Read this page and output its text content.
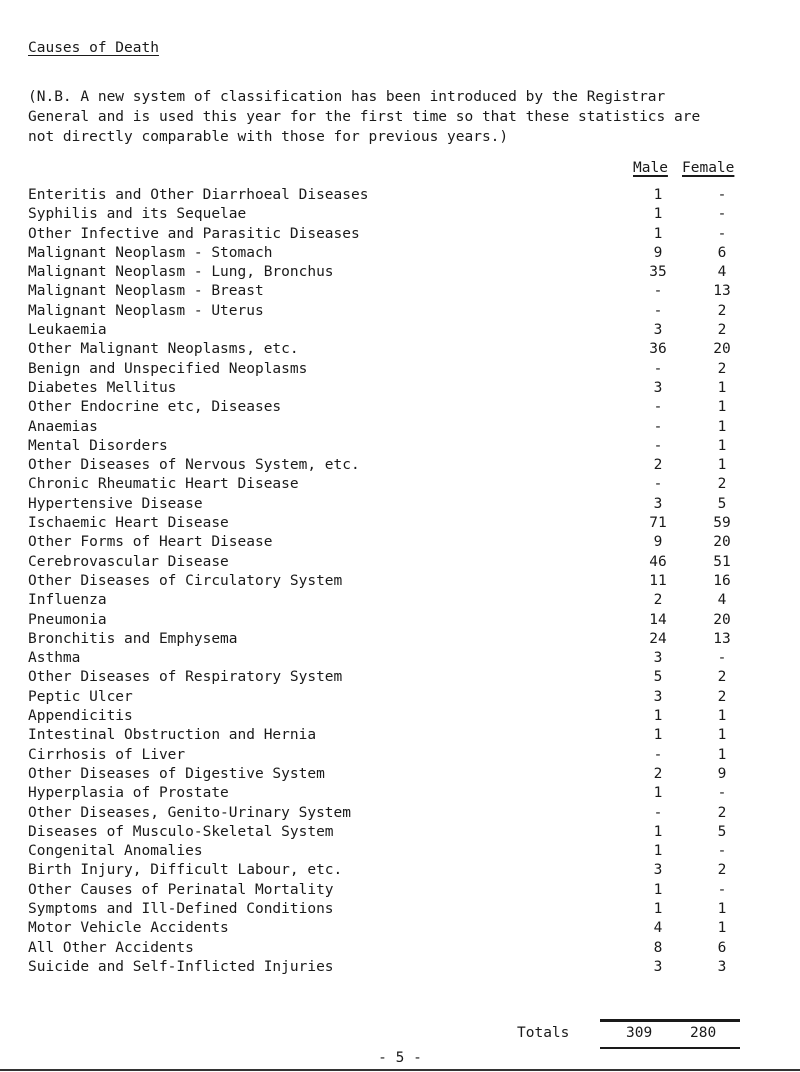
Causes of Death
(N.B. A new system of classification has been introduced by the Registrar
General and is used this year for the first time so that these statistics are
not directly comparable with those for previous years.)
Male Female
Enteritis and Other Diarrhoeal Diseases	1	-
Syphilis and its Sequelae	1	-
Other Infective and Parasitic Diseases	1	-
Malignant Neoplasm - Stomach	9	6
Malignant Neoplasm - Lung, Bronchus	35	4
Malignant Neoplasm - Breast	-	13
Malignant Neoplasm - Uterus	-	2
Leukaemia	3	2
Other Malignant Neoplasms, etc.	36	20
Benign and Unspecified Neoplasms	-	2
Diabetes Mellitus	3	1
Other Endocrine etc, Diseases	-	1
Anaemias	-	1
Mental Disorders	-	1
Other Diseases of Nervous System, etc.	2	1
Chronic Rheumatic Heart Disease	-	2
Hypertensive Disease	3	5
Ischaemic Heart Disease	71	59
Other Forms of Heart Disease	9	20
Cerebrovascular Disease	46	51
Other Diseases of Circulatory System	11	16
Influenza	2	4
Pneumonia	14	20
Bronchitis and Emphysema	24	13
Asthma	3	-
Other Diseases of Respiratory System	5	2
Peptic Ulcer	3	2
Appendicitis	1	1
Intestinal Obstruction and Hernia	1	1
Cirrhosis of Liver	-	1
Other Diseases of Digestive System	2	9
Hyperplasia of Prostate	1	-
Other Diseases, Genito-Urinary System	-	2
Diseases of Musculo-Skeletal System	1	5
Congenital Anomalies	1	-
Birth Injury, Difficult Labour, etc.	3	2
Other Causes of Perinatal Mortality	1	-
Symptoms and Ill-Defined Conditions	1	1
Motor Vehicle Accidents	4	1
All Other Accidents	8	6
Suicide and Self-Inflicted Injuries	3	3
Totals	309	280
- 5 -
